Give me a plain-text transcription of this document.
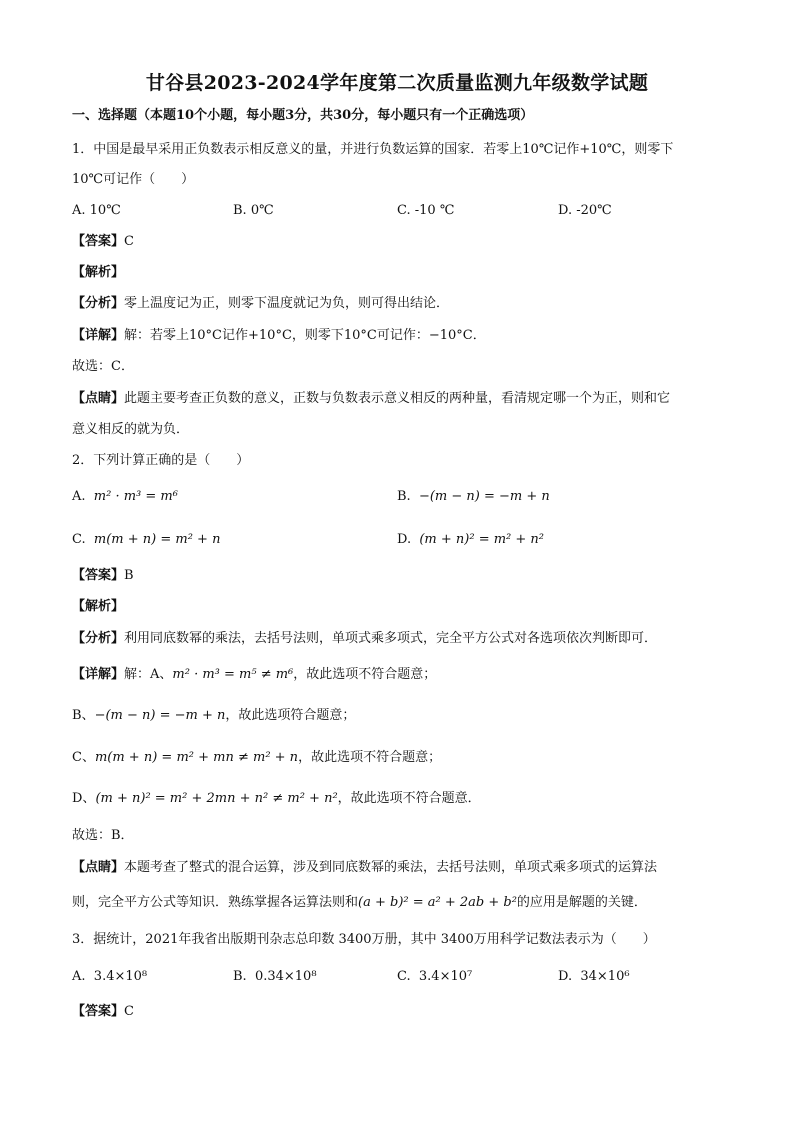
甘谷县2023-2024学年度第二次质量监测九年级数学试题
一、选择题（本题10个小题，每小题3分，共30分，每小题只有一个正确选项）
1．中国是最早采用正负数表示相反意义的量，并进行负数运算的国家．若零上10℃记作+10℃，则零下
10℃可记作（　　）
A. 10℃	B. 0℃	C. -10 ℃	D. -20℃
【答案】C
【解析】
【分析】零上温度记为正，则零下温度就记为负，则可得出结论．
【详解】解：若零上10°C记作+10°C，则零下10°C可记作：−10°C．
故选：C．
【点睛】此题主要考查正负数的意义，正数与负数表示意义相反的两种量，看清规定哪一个为正，则和它
意义相反的就为负．
2．下列计算正确的是（　　）
A. m² · m³ = m⁶	B. −(m − n) = −m + n
C. m(m + n) = m² + n	D. (m + n)² = m² + n²
【答案】B
【解析】
【分析】利用同底数幂的乘法，去括号法则，单项式乘多项式，完全平方公式对各选项依次判断即可．
【详解】解：A、m² · m³ = m⁵ ≠ m⁶，故此选项不符合题意；
B、−(m − n) = −m + n，故此选项符合题意；
C、m(m + n) = m² + mn ≠ m² + n，故此选项不符合题意；
D、(m + n)² = m² + 2mn + n² ≠ m² + n²，故此选项不符合题意．
故选：B．
【点睛】本题考查了整式的混合运算，涉及到同底数幂的乘法，去括号法则，单项式乘多项式的运算法
则，完全平方公式等知识．熟练掌握各运算法则和(a + b)² = a² + 2ab + b²的应用是解题的关键．
3．据统计，2021年我省出版期刊杂志总印数 3400万册，其中 3400万用科学记数法表示为（　　）
A. 3.4×10⁸	B. 0.34×10⁸	C. 3.4×10⁷	D. 34×10⁶
【答案】C
